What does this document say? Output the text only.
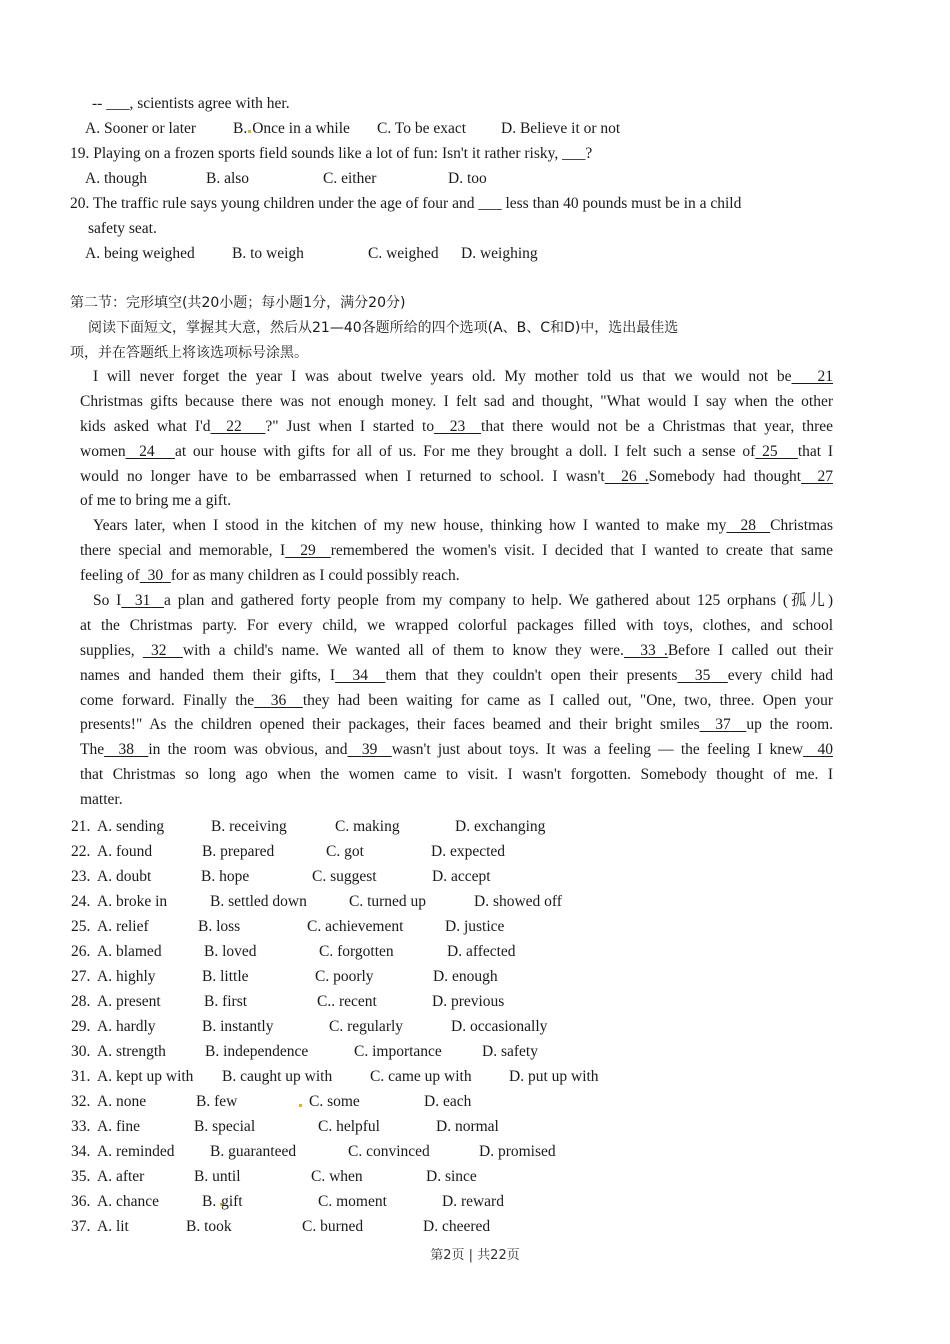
-- ___, scientists agree with her.
A. Sooner or later B. Once in a while C. To be exact D. Believe it or not
19. Playing on a frozen sports field sounds like a lot of fun: Isn't it rather risky, ___?
A. though	B. also	C. either	D. too
20. The traffic rule says young children under the age of four and ___ less than 40 pounds must be in a child
safety seat.
A. being weighed B. to weigh	C. weighed D. weighing
第二节：完形填空(共20小题；每小题1分，满分20分)
阅读下面短文，掌握其大意，然后从21—40各题所给的四个选项(A、B、C和D)中，选出最佳选
项，并在答题纸上将该选项标号涂黑。
I will never forget the year I was about twelve years old. My mother told us that we would not be 21
Christmas gifts because there was not enough money. I felt sad and thought, "What would I say when the other
kids asked what I'd 22 ?" Just when I started to 23 that there would not be a Christmas that year, three
women 24 at our house with gifts for all of us. For me they brought a doll. I felt such a sense of 25 that I
would no longer have to be embarrassed when I returned to school. I wasn't 26 .Somebody had thought 27
of me to bring me a gift.
Years later, when I stood in the kitchen of my new house, thinking how I wanted to make my 28 Christmas
there special and memorable, I 29 remembered the women's visit. I decided that I wanted to create that same
feeling of 30 for as many children as I could possibly reach.
So I 31 a plan and gathered forty people from my company to help. We gathered about 125 orphans (孤儿)
at the Christmas party. For every child, we wrapped colorful packages filled with toys, clothes, and school
supplies,  32 with a child's name. We wanted all of them to know they were. 33 .Before I called out their
names and handed them their gifts, I 34 them that they couldn't open their presents 35 every child had
come forward. Finally the 36 they had been waiting for came as I called out, "One, two, three. Open your
presents!" As the children opened their packages, their faces beamed and their bright smiles 37 up the room.
The 38 in the room was obvious, and 39 wasn't just about toys. It was a feeling — the feeling I knew 40
that Christmas so long ago when the women came to visit. I wasn't forgotten. Somebody thought of me. I
matter.
21. A. sending	B. receiving	C. making	D. exchanging
22. A. found	B. prepared	C. got	D. expected
23. A. doubt	B. hope	C. suggest	D. accept
24. A. broke in	B. settled down	C. turned up	D. showed off
25. A. relief	B. loss	C. achievement	D. justice
26. A. blamed	B. loved	C. forgotten	D. affected
27. A. highly	B. little	C. poorly	D. enough
28. A. present	B. first	C.. recent	D. previous
29. A. hardly	B. instantly	C. regularly	D. occasionally
30. A. strength	B. independence	C. importance	D. safety
31. A. kept up with B. caught up with C. came up with D. put up with
32. A. none	B. few	C. some	D. each
33. A. fine	B. special	C. helpful	D. normal
34. A. reminded B. guaranteed	C. convinced	D. promised
35. A. after	B. until	C. when	D. since
36. A. chance	B. gift	C. moment	D. reward
37. A. lit	B. took	C. burned	D. cheered
第2页 | 共22页
